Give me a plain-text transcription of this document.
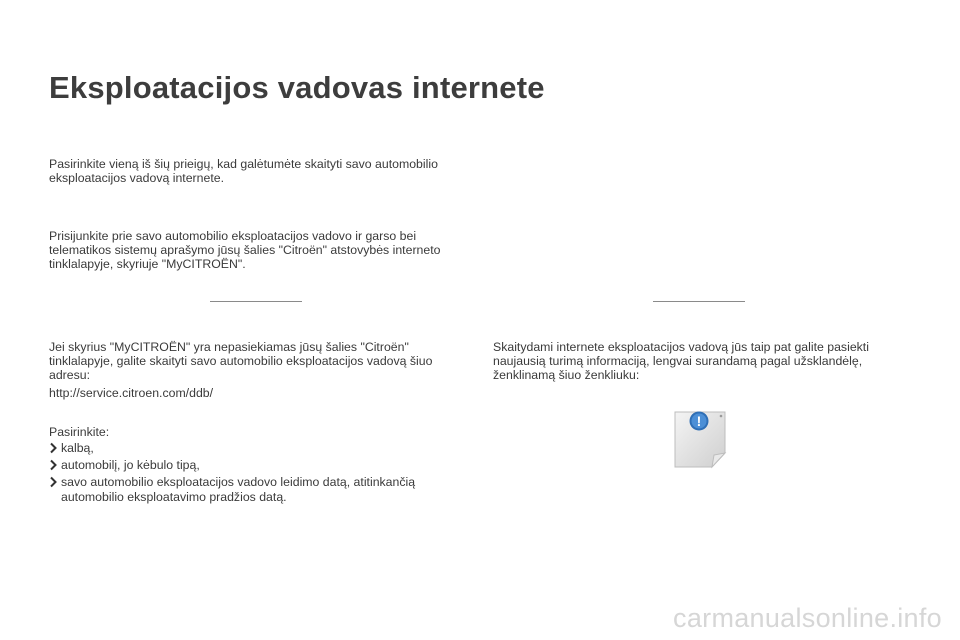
Eksploatacijos vadovas internete

Pasirinkite vieną iš šių prieigų, kad galėtumėte skaityti savo automobilio
eksploatacijos vadovą internete.

Prisijunkite prie savo automobilio eksploatacijos vadovo ir garso bei
telematikos sistemų aprašymo jūsų šalies "Citroën" atstovybės interneto
tinklalapyje, skyriuje "MyCITROËN".

Jei skyrius "MyCITROËN" yra nepasiekiamas jūsų šalies "Citroën"
tinklalapyje, galite skaityti savo automobilio eksploatacijos vadovą šiuo
adresu:

http://service.citroen.com/ddb/

Pasirinkite:

kalbą,
automobilį, jo kėbulo tipą,
savo automobilio eksploatacijos vadovo leidimo datą, atitinkančią
automobilio eksploatavimo pradžios datą.

Skaitydami internete eksploatacijos vadovą jūs taip pat galite pasiekti
naujausią turimą informaciją, lengvai surandamą pagal užsklandėlę,
ženklinamą šiuo ženkliuku:

!
carmanualsonline.info
